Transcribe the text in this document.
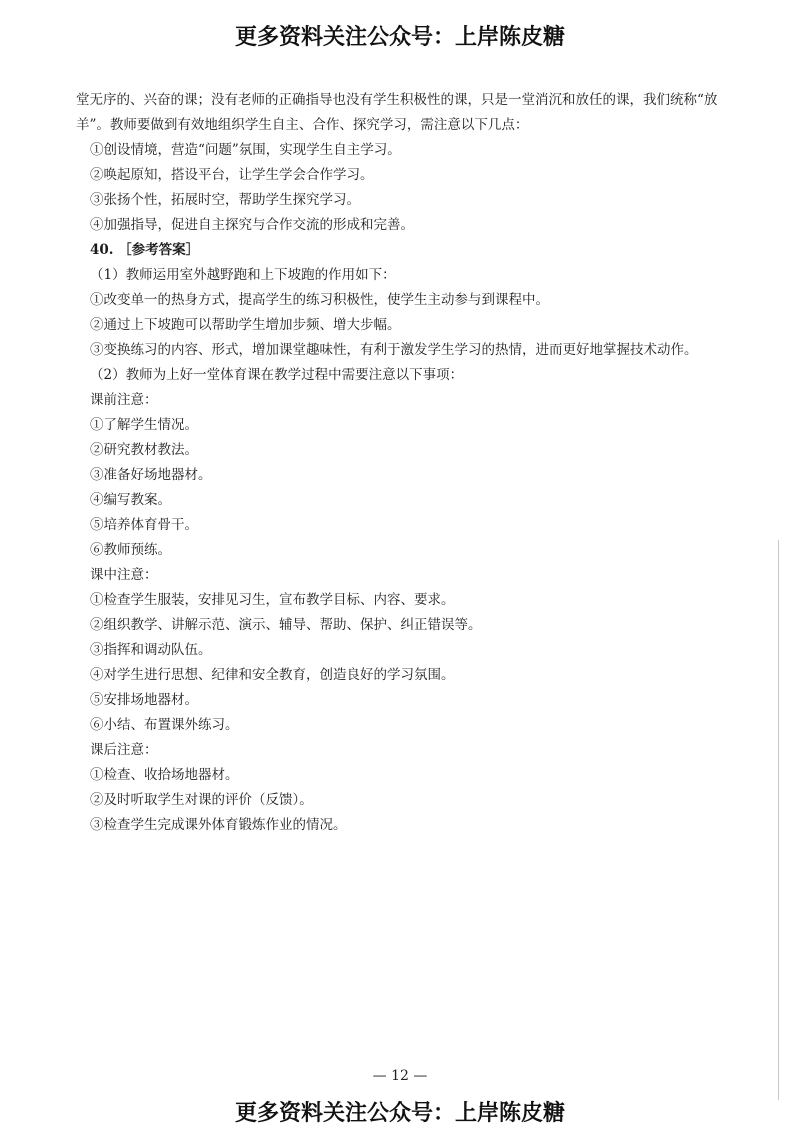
更多资料关注公众号：上岸陈皮糖

堂无序的、兴奋的课；没有老师的正确指导也没有学生积极性的课，只是一堂消沉和放任的课，我们统称“放羊”。教师要做到有效地组织学生自主、合作、探究学习，需注意以下几点：

①创设情境，营造“问题”氛围，实现学生自主学习。

②唤起原知，搭设平台，让学生学会合作学习。

③张扬个性，拓展时空，帮助学生探究学习。

④加强指导，促进自主探究与合作交流的形成和完善。

40. ［参考答案］

（1）教师运用室外越野跑和上下坡跑的作用如下：

①改变单一的热身方式，提高学生的练习积极性，使学生主动参与到课程中。

②通过上下坡跑可以帮助学生增加步频、增大步幅。

③变换练习的内容、形式，增加课堂趣味性，有利于激发学生学习的热情，进而更好地掌握技术动作。

（2）教师为上好一堂体育课在教学过程中需要注意以下事项：

课前注意：

①了解学生情况。

②研究教材教法。

③准备好场地器材。

④编写教案。

⑤培养体育骨干。

⑥教师预练。

课中注意：

①检查学生服装，安排见习生，宣布教学目标、内容、要求。

②组织教学、讲解示范、演示、辅导、帮助、保护、纠正错误等。

③指挥和调动队伍。

④对学生进行思想、纪律和安全教育，创造良好的学习氛围。

⑤安排场地器材。

⑥小结、布置课外练习。

课后注意：

①检查、收拾场地器材。

②及时听取学生对课的评价（反馈）。

③检查学生完成课外体育锻炼作业的情况。

— 12 —
更多资料关注公众号：上岸陈皮糖
